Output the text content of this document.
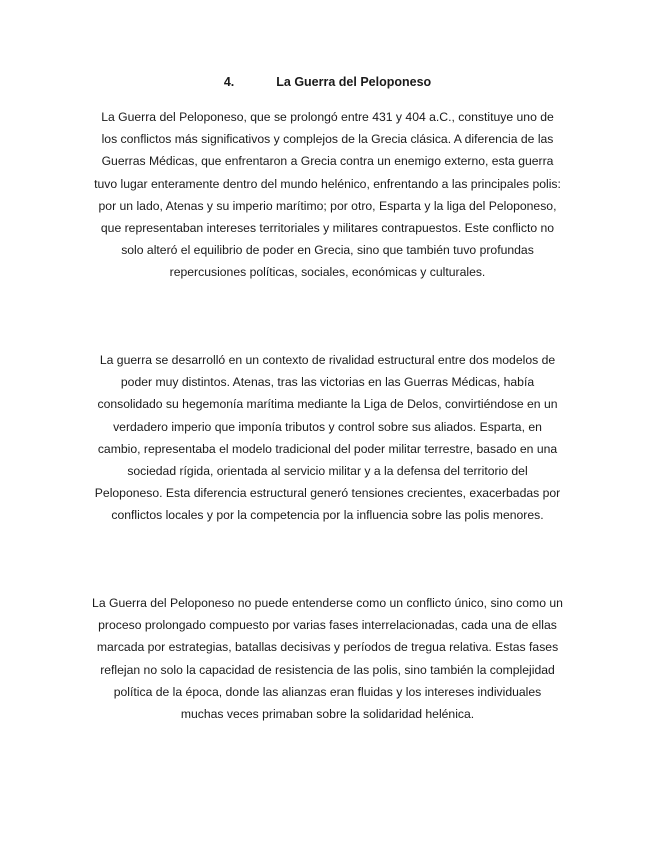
4.	La Guerra del Peloponeso

La Guerra del Peloponeso, que se prolongó entre 431 y 404 a.C., constituye uno de los conflictos más significativos y complejos de la Grecia clásica. A diferencia de las Guerras Médicas, que enfrentaron a Grecia contra un enemigo externo, esta guerra tuvo lugar enteramente dentro del mundo helénico, enfrentando a las principales polis: por un lado, Atenas y su imperio marítimo; por otro, Esparta y la liga del Peloponeso, que representaban intereses territoriales y militares contrapuestos. Este conflicto no solo alteró el equilibrio de poder en Grecia, sino que también tuvo profundas repercusiones políticas, sociales, económicas y culturales.

La guerra se desarrolló en un contexto de rivalidad estructural entre dos modelos de poder muy distintos. Atenas, tras las victorias en las Guerras Médicas, había consolidado su hegemonía marítima mediante la Liga de Delos, convirtiéndose en un verdadero imperio que imponía tributos y control sobre sus aliados. Esparta, en cambio, representaba el modelo tradicional del poder militar terrestre, basado en una sociedad rígida, orientada al servicio militar y a la defensa del territorio del Peloponeso. Esta diferencia estructural generó tensiones crecientes, exacerbadas por conflictos locales y por la competencia por la influencia sobre las polis menores.

La Guerra del Peloponeso no puede entenderse como un conflicto único, sino como un proceso prolongado compuesto por varias fases interrelacionadas, cada una de ellas marcada por estrategias, batallas decisivas y períodos de tregua relativa. Estas fases reflejan no solo la capacidad de resistencia de las polis, sino también la complejidad política de la época, donde las alianzas eran fluidas y los intereses individuales muchas veces primaban sobre la solidaridad helénica.
